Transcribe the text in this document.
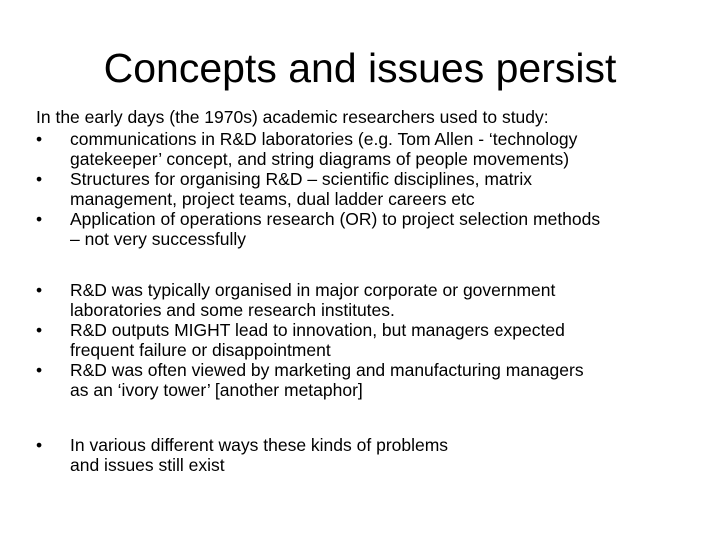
Concepts and issues persist

In the early days (the 1970s) academic researchers used to study:

• communications in R&D laboratories (e.g. Tom Allen - ‘technology
gatekeeper’ concept, and string diagrams of people movements)
• Structures for organising R&D – scientific disciplines, matrix
management, project teams, dual ladder careers etc
• Application of operations research (OR) to project selection methods
– not very successfully
• R&D was typically organised in major corporate or government
laboratories and some research institutes.
• R&D outputs MIGHT lead to innovation, but managers expected
frequent failure or disappointment
• R&D was often viewed by marketing and manufacturing managers
as an ‘ivory tower’ [another metaphor]
• In various different ways these kinds of problems
and issues still exist
